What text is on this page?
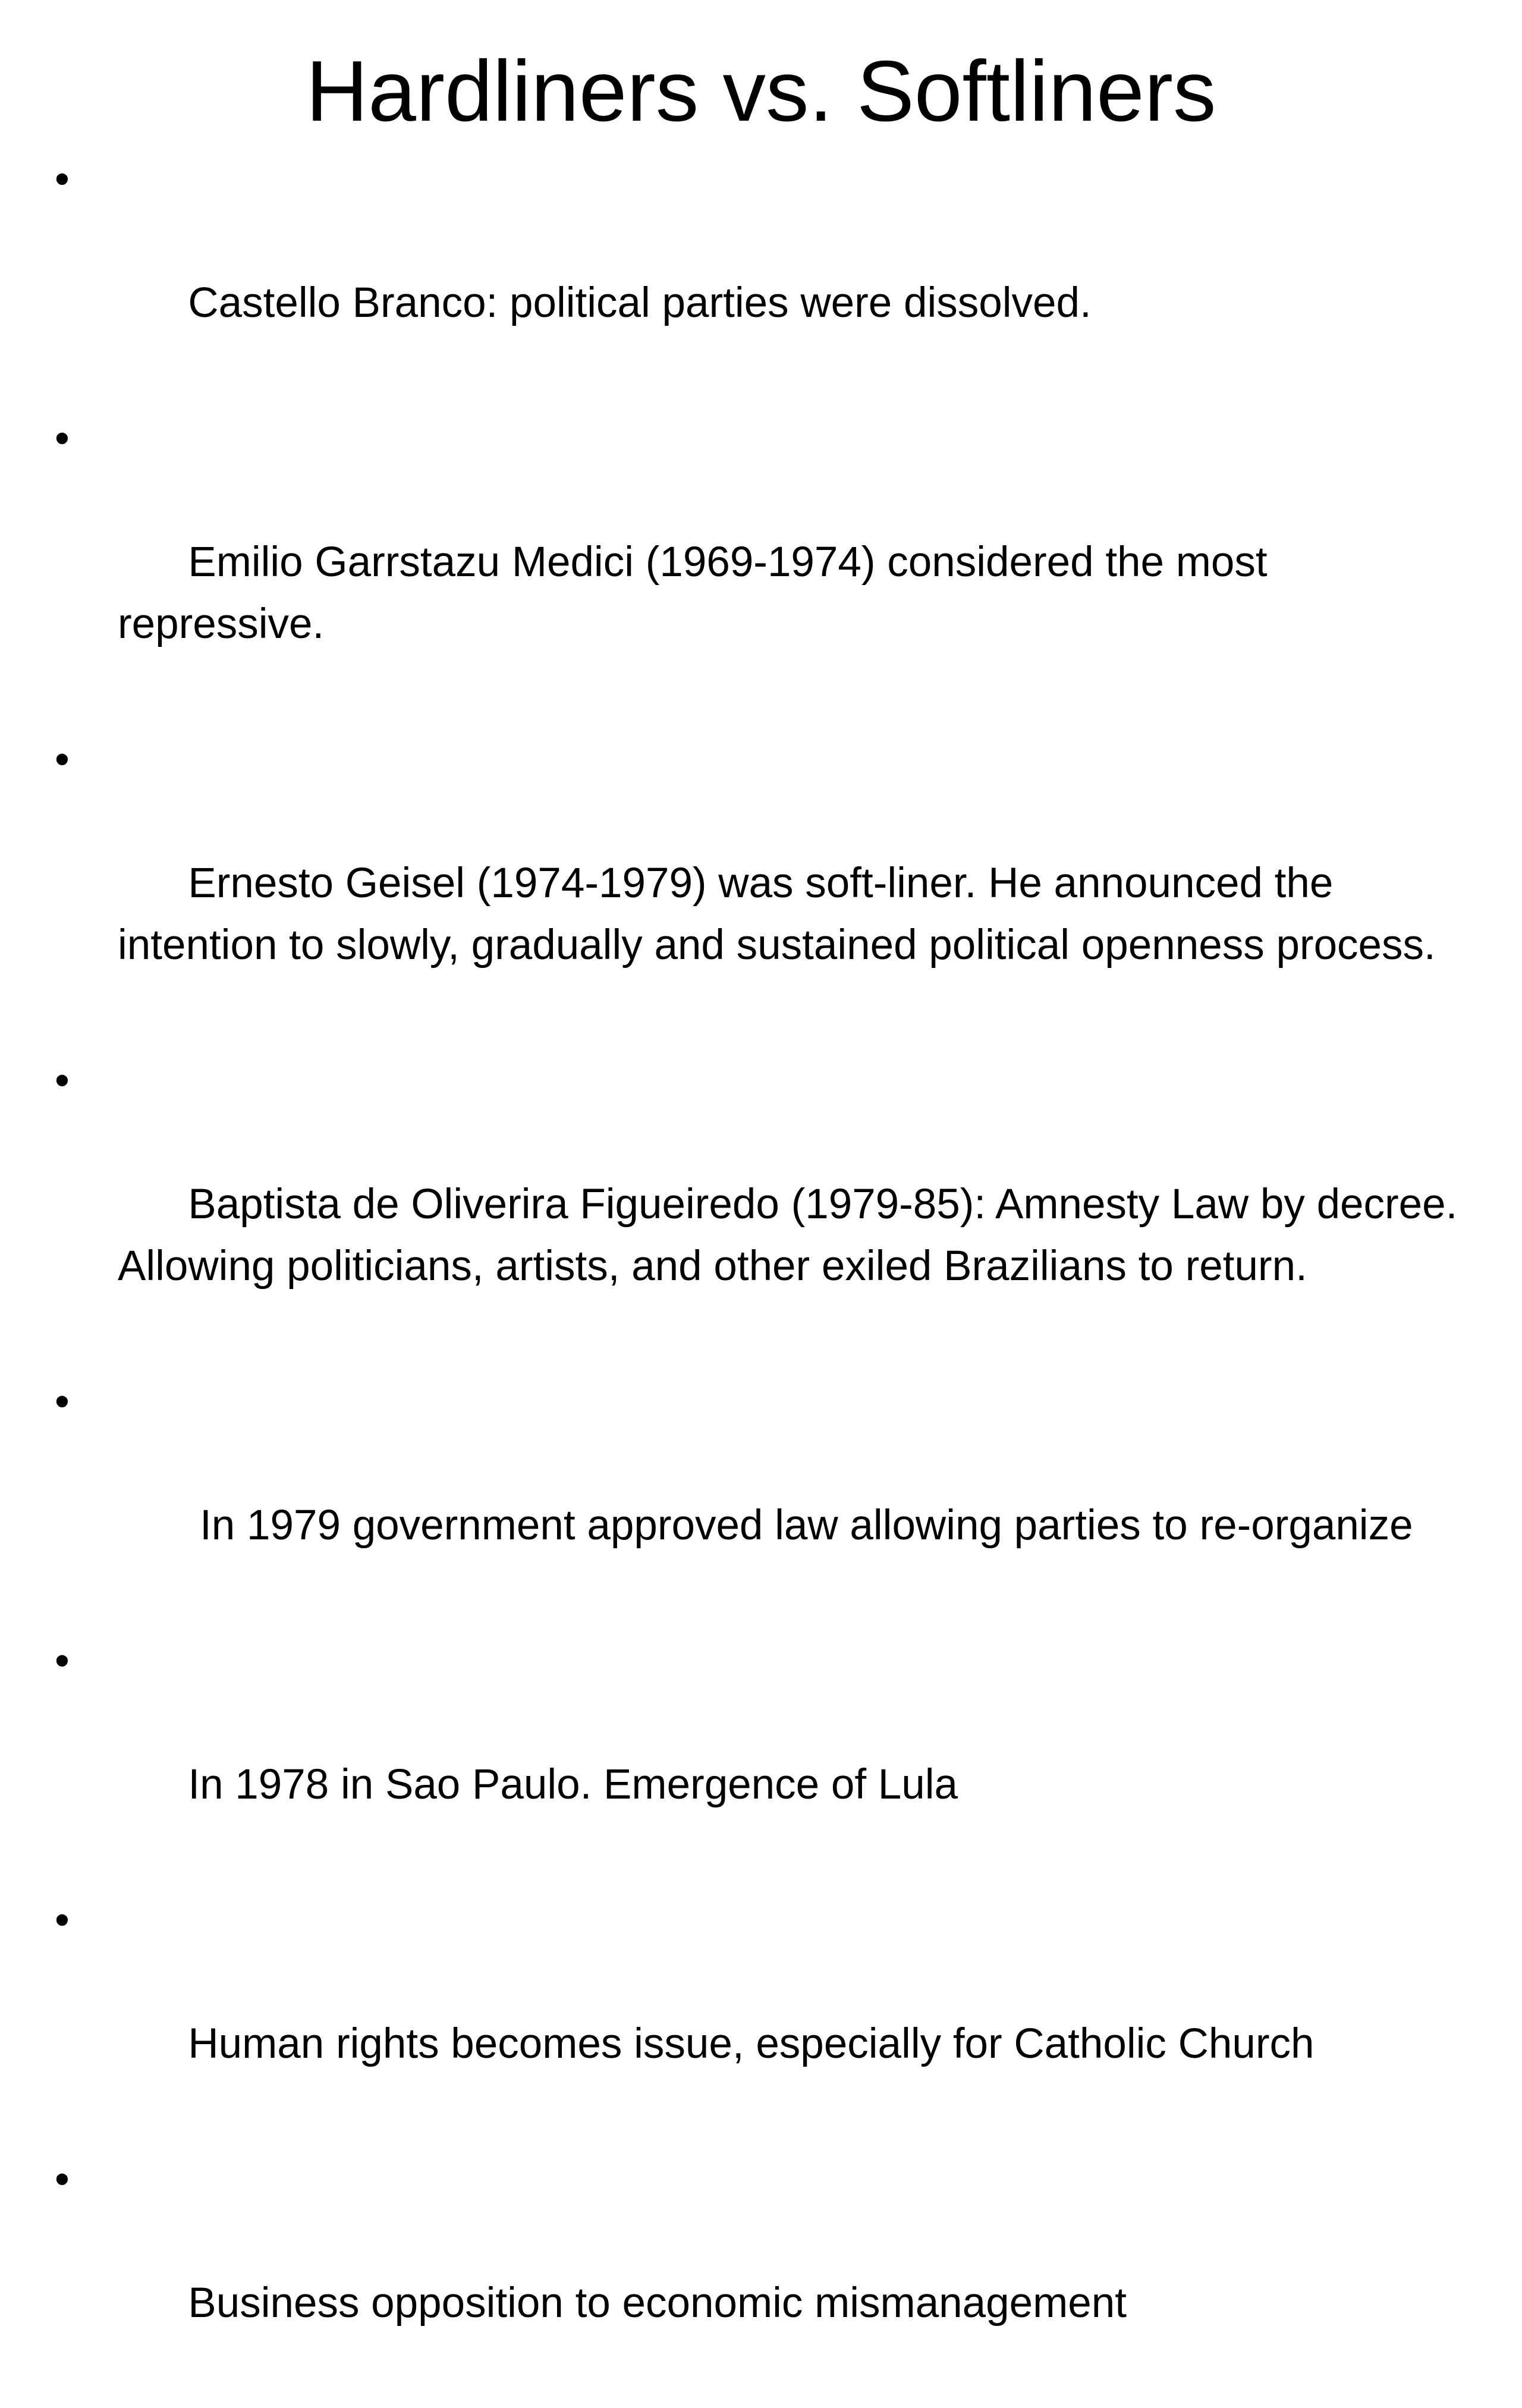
Hardliners vs. Softliners

•

Castello Branco: political parties were dissolved.

•

Emilio Garrstazu Medici (1969-1974) considered the most repressive.

•

Ernesto Geisel (1974-1979) was soft-liner. He announced the intention to slowly, gradually and sustained political openness process.

•

Baptista de Oliverira Figueiredo (1979-85): Amnesty Law by decree. Allowing politicians, artists, and other exiled Brazilians to return.

•

In 1979 government approved law allowing parties to re-organize

•

In 1978 in Sao Paulo. Emergence of Lula

•

Human rights becomes issue, especially for Catholic Church

•

Business opposition to economic mismanagement
